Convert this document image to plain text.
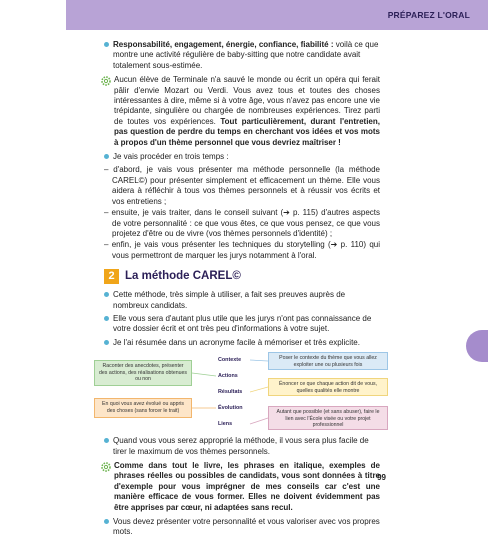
PRÉPAREZ L'ORAL
Responsabilité, engagement, énergie, confiance, fiabilité : voilà ce que montre une activité régulière de baby-sitting que notre candidate avait totalement sous-estimée.
Aucun élève de Terminale n'a sauvé le monde ou écrit un opéra qui ferait pâlir d'envie Mozart ou Verdi. Vous avez tous et toutes des choses intéressantes à dire, même si à votre âge, vous n'avez pas encore une vie trépidante, singulière ou chargée de nombreuses expériences. Tirez parti de toutes vos expériences. Tout particulièrement, durant l'entretien, pas question de perdre du temps en cherchant vos idées et vos mots à propos d'un thème personnel que vous devriez maîtriser !
Je vais procéder en trois temps :
– d'abord, je vais vous présenter ma méthode personnelle (la méthode CAREL©) pour présenter simplement et efficacement un thème. Elle vous aidera à réfléchir à tous vos thèmes personnels et à réussir vos écrits et vos entretiens ;
– ensuite, je vais traiter, dans le conseil suivant (➔ p. 115) d'autres aspects de votre personnalité : ce que vous êtes, ce que vous pensez, ce que vous projetez d'être ou de vivre (vos thèmes personnels d'identité) ;
– enfin, je vais vous présenter les techniques du storytelling (➔ p. 110) qui vous permettront de marquer les jurys notamment à l'oral.
2 La méthode CAREL©
Cette méthode, très simple à utiliser, a fait ses preuves auprès de nombreux candidats.
Elle vous sera d'autant plus utile que les jurys n'ont pas connaissance de votre dossier écrit et ont très peu d'informations à votre sujet.
Je l'ai résumée dans un acronyme facile à mémoriser et très explicite.
Raconter des anecdotes, présenter des actions, des réalisations obtenues ou non
En quoi vous avez évolué ou appris des choses (sans forcer le trait)
Contexte
Actions
Résultats
Évolution
Liens
Poser le contexte du thème que vous allez exploiter une ou plusieurs fois
Énoncer ce que chaque action dit de vous, quelles qualités elle montre
Autant que possible (et sans abuser), faire le lien avec l'École visée ou votre projet professionnel
Quand vous vous serez approprié la méthode, il vous sera plus facile de tirer le maximum de vos thèmes personnels.
Comme dans tout le livre, les phrases en italique, exemples de phrases réelles ou possibles de candidats, vous sont données à titre d'exemple pour vous imprégner de mes conseils car c'est une manière efficace de vous former. Elles ne doivent évidemment pas être apprises par cœur, ni adaptées sans recul.
Vous devez présenter votre personnalité et vous valoriser avec vos propres mots.
99
